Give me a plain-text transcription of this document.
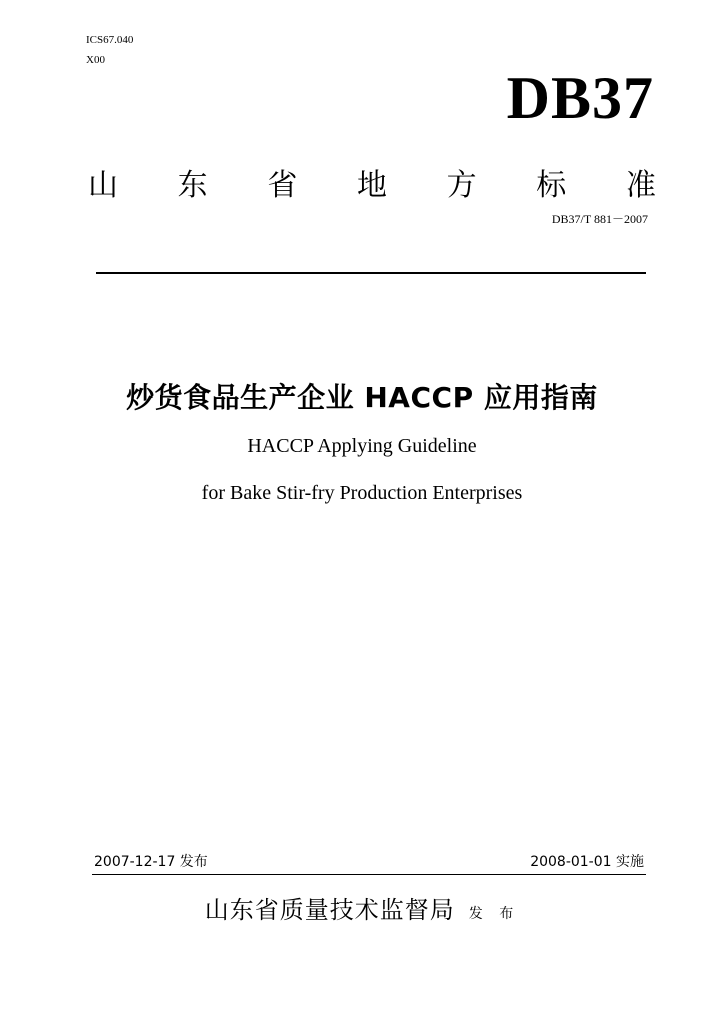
ICS67.040
X00
DB37
山 东 省 地 方 标 准
DB37/T 881－2007
炒货食品生产企业 HACCP 应用指南
HACCP Applying Guideline
for Bake Stir-fry Production Enterprises
2007-12-17 发布	2008-01-01 实施
山东省质量技术监督局 发 布
